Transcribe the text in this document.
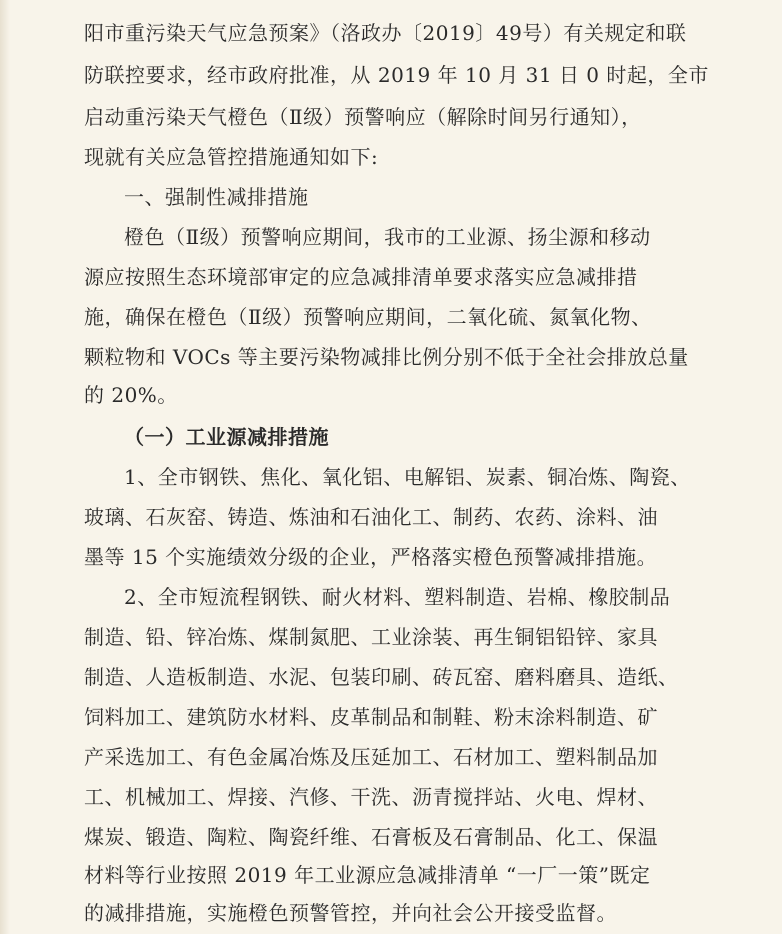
阳市重污染天气应急预案》（洛政办〔2019〕49号）有关规定和联
防联控要求，经市政府批准，从 2019 年 10 月 31 日 0 时起，全市
启动重污染天气橙色（Ⅱ级）预警响应（解除时间另行通知），
现就有关应急管控措施通知如下:
一、强制性减排措施
橙色（Ⅱ级）预警响应期间，我市的工业源、扬尘源和移动
源应按照生态环境部审定的应急减排清单要求落实应急减排措
施，确保在橙色（Ⅱ级）预警响应期间，二氧化硫、氮氧化物、
颗粒物和 VOCs 等主要污染物减排比例分别不低于全社会排放总量
的 20%。
（一）工业源减排措施
1、全市钢铁、焦化、氧化铝、电解铝、炭素、铜冶炼、陶瓷、
玻璃、石灰窑、铸造、炼油和石油化工、制药、农药、涂料、油
墨等 15 个实施绩效分级的企业，严格落实橙色预警减排措施。
2、全市短流程钢铁、耐火材料、塑料制造、岩棉、橡胶制品
制造、铅、锌冶炼、煤制氮肥、工业涂装、再生铜铝铅锌、家具
制造、人造板制造、水泥、包装印刷、砖瓦窑、磨料磨具、造纸、
饲料加工、建筑防水材料、皮革制品和制鞋、粉末涂料制造、矿
产采选加工、有色金属冶炼及压延加工、石材加工、塑料制品加
工、机械加工、焊接、汽修、干洗、沥青搅拌站、火电、焊材、
煤炭、锻造、陶粒、陶瓷纤维、石膏板及石膏制品、化工、保温
材料等行业按照 2019 年工业源应急减排清单 “一厂一策”既定
的减排措施，实施橙色预警管控，并向社会公开接受监督。
